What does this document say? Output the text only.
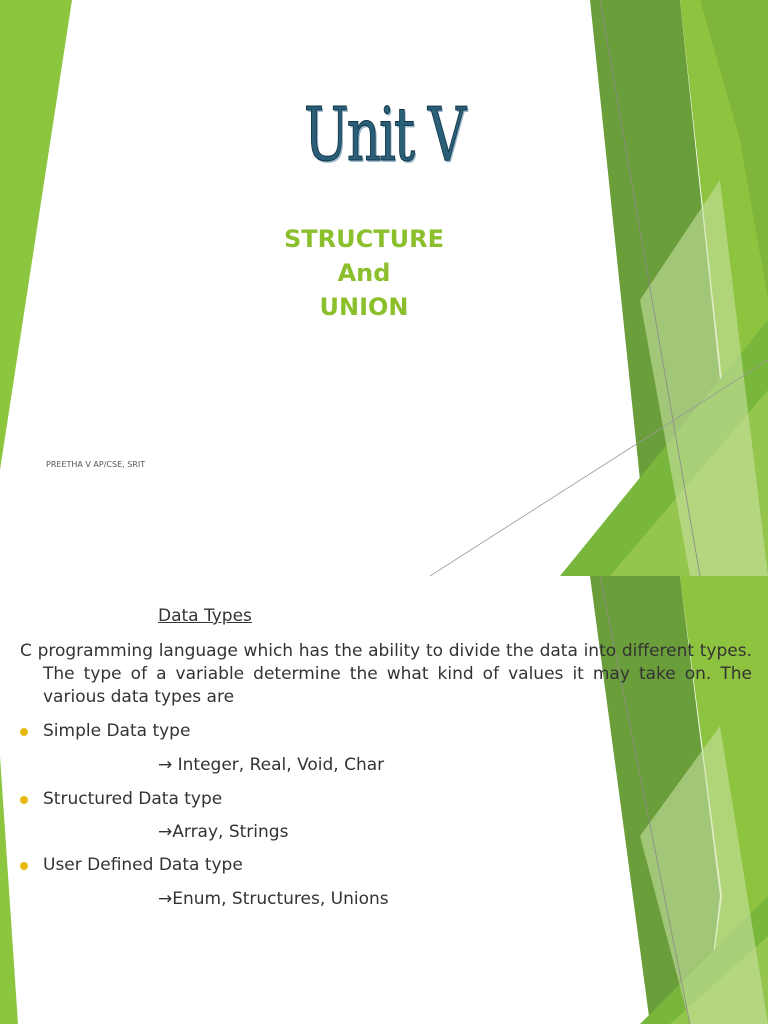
Unit V
STRUCTURE
And
UNION
PREETHA V AP/CSE, SRIT
Data Types
C programming language which has the ability to divide the data into different types. The type of a variable determine the what kind of values it may take on. The various data types are
Simple Data type
→ Integer, Real, Void, Char
Structured Data type
→Array, Strings
User Defined Data type
→Enum, Structures, Unions
